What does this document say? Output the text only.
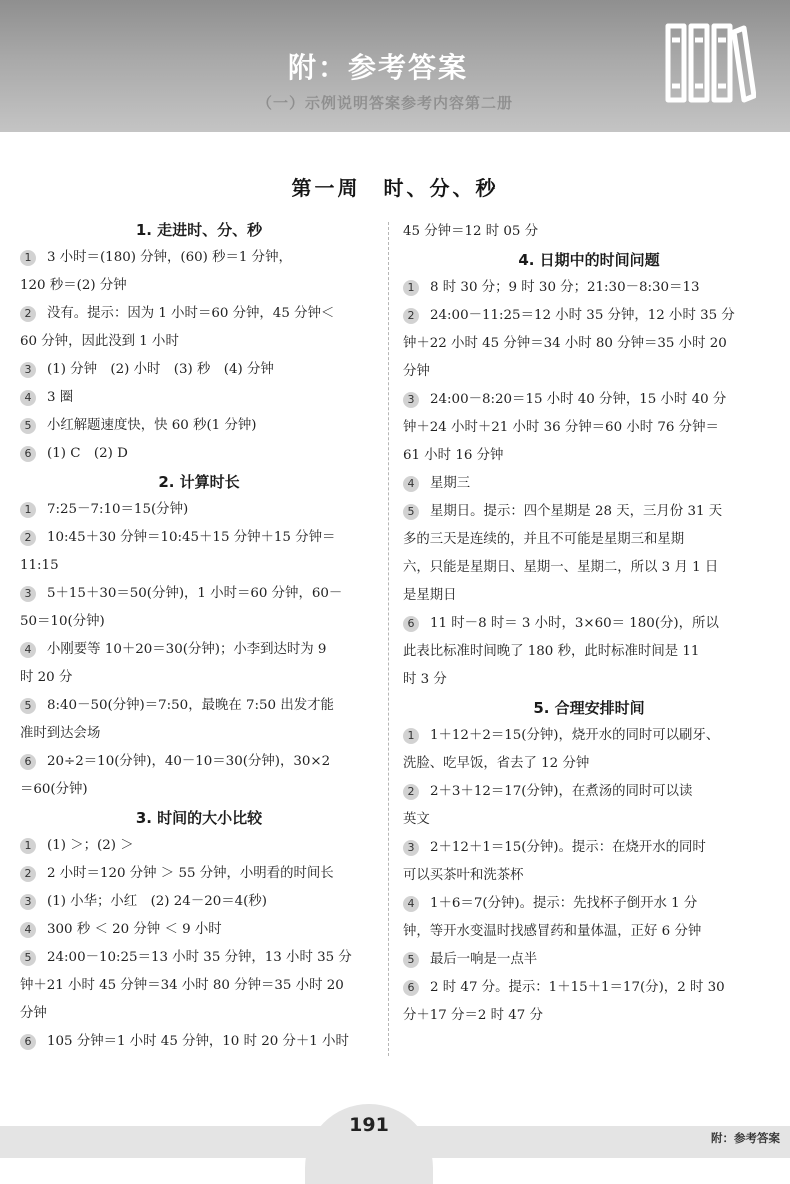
附：参考答案
（一）示例说明答案参考内容第二册
第一周　时、分、秒
1. 走进时、分、秒
1	3 小时＝(180) 分钟，(60) 秒＝1 分钟，
120 秒＝(2) 分钟
2	没有。提示：因为 1 小时＝60 分钟，45 分钟＜
60 分钟，因此没到 1 小时
3	(1) 分钟　(2) 小时　(3) 秒　(4) 分钟
4	3 圈
5	小红解题速度快，快 60 秒(1 分钟)
6	(1) C　(2) D
2. 计算时长
1	7:25－7:10＝15(分钟)
2	10:45＋30 分钟＝10:45＋15 分钟＋15 分钟＝
11:15
3	5＋15＋30＝50(分钟)，1 小时＝60 分钟，60－
50＝10(分钟)
4	小刚要等 10＋20＝30(分钟)；小李到达时为 9
时 20 分
5	8:40－50(分钟)＝7:50，最晚在 7:50 出发才能
准时到达会场
6	20÷2＝10(分钟)，40－10＝30(分钟)，30×2
＝60(分钟)
3. 时间的大小比较
1	(1) ＞；(2) ＞
2	2 小时＝120 分钟 ＞ 55 分钟，小明看的时间长
3	(1) 小华；小红　(2) 24－20＝4(秒)
4	300 秒 ＜ 20 分钟 ＜ 9 小时
5	24:00－10:25＝13 小时 35 分钟，13 小时 35 分
钟＋21 小时 45 分钟＝34 小时 80 分钟＝35 小时 20
分钟
6	105 分钟＝1 小时 45 分钟，10 时 20 分＋1 小时
45 分钟＝12 时 05 分
4. 日期中的时间问题
1	8 时 30 分；9 时 30 分；21:30－8:30＝13
2	24:00－11:25＝12 小时 35 分钟，12 小时 35 分
钟＋22 小时 45 分钟＝34 小时 80 分钟＝35 小时 20
分钟
3	24:00－8:20＝15 小时 40 分钟，15 小时 40 分
钟＋24 小时＋21 小时 36 分钟＝60 小时 76 分钟＝
61 小时 16 分钟
4	星期三
5	星期日。提示：四个星期是 28 天，三月份 31 天
多的三天是连续的，并且不可能是星期三和星期
六，只能是星期日、星期一、星期二，所以 3 月 1 日
是星期日
6	11 时－8 时＝ 3 小时，3×60＝ 180(分)，所以
此表比标准时间晚了 180 秒，此时标准时间是 11
时 3 分
5. 合理安排时间
1	1＋12＋2＝15(分钟)，烧开水的同时可以刷牙、
洗脸、吃早饭，省去了 12 分钟
2	2＋3＋12＝17(分钟)，在煮汤的同时可以读
英文
3	2＋12＋1＝15(分钟)。提示：在烧开水的同时
可以买茶叶和洗茶杯
4	1＋6＝7(分钟)。提示：先找杯子倒开水 1 分
钟，等开水变温时找感冒药和量体温，正好 6 分钟
5	最后一响是一点半
6	2 时 47 分。提示：1＋15＋1＝17(分)，2 时 30
分＋17 分＝2 时 47 分
191
附：参考答案
